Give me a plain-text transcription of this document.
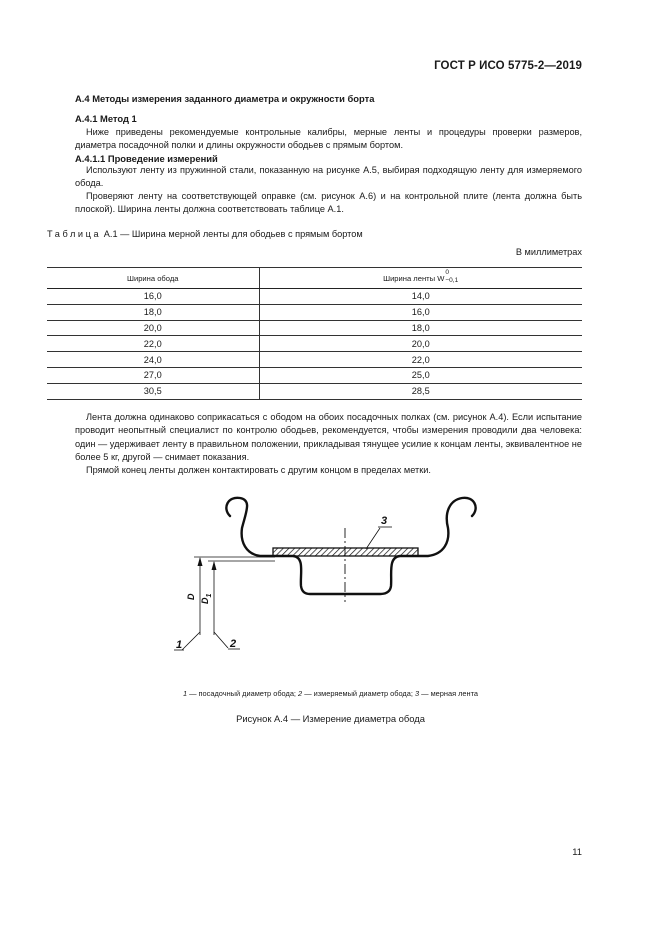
ГОСТ Р ИСО 5775-2—2019
А.4 Методы измерения заданного диаметра и окружности борта
А.4.1 Метод 1
Ниже приведены рекомендуемые контрольные калибры, мерные ленты и процедуры проверки размеров, диаметра посадочной полки и длины окружности ободьев с прямым бортом.
А.4.1.1 Проведение измерений
Используют ленту из пружинной стали, показанную на рисунке А.5, выбирая подходящую ленту для измеряемого обода.
Проверяют ленту на соответствующей оправке (см. рисунок А.6) и на контрольной плите (лента должна быть плоской). Ширина ленты должна соответствовать таблице А.1.
Таблица А.1 — Ширина мерной ленты для ободьев с прямым бортом
В миллиметрах
Ширина обода	Ширина ленты W
0
−0,1

16,0	14,0
18,0	16,0
20,0	18,0
22,0	20,0
24,0	22,0
27,0	25,0
30,5	28,5
Лента должна одинаково соприкасаться с ободом на обоих посадочных полках (см. рисунок А.4). Если испытание проводит неопытный специалист по контролю ободьев, рекомендуется, чтобы измерения проводили два человека: один — удерживает ленту в правильном положении, прикладывая тянущее усилие к концам ленты, эквивалентное не более 5 кг, другой — снимает показания.
Прямой конец ленты должен контактировать с другим концом в пределах метки.
D
$D_1$
1	2
3
1 — посадочный диаметр обода; 2 — измеряемый диаметр обода; 3 — мерная лента
Рисунок А.4 — Измерение диаметра обода
11
